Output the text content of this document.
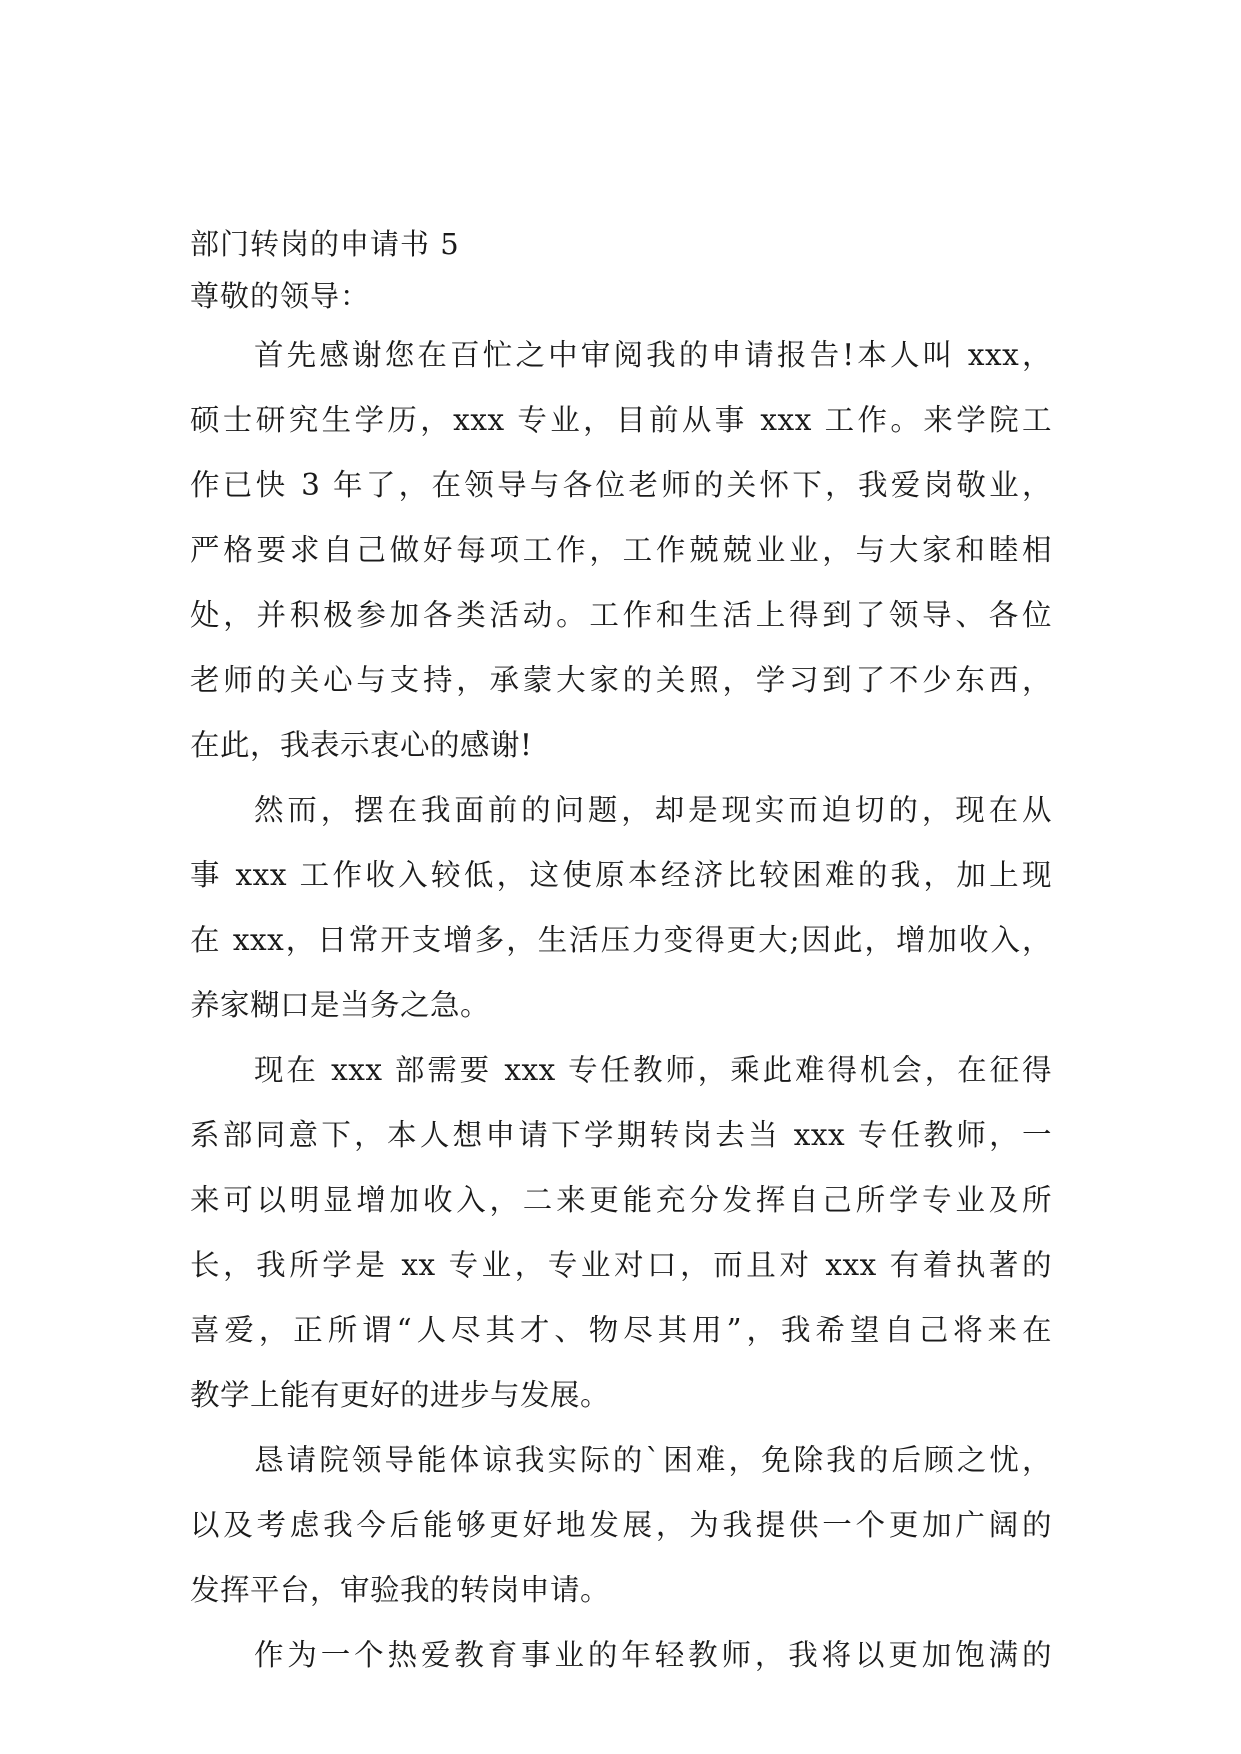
部门转岗的申请书 5
尊敬的领导：
首先感谢您在百忙之中审阅我的申请报告!本人叫 xxx，
硕士研究生学历，xxx 专业，目前从事 xxx 工作。来学院工
作已快 3 年了，在领导与各位老师的关怀下，我爱岗敬业，
严格要求自己做好每项工作，工作兢兢业业，与大家和睦相
处，并积极参加各类活动。工作和生活上得到了领导、各位
老师的关心与支持，承蒙大家的关照，学习到了不少东西，
在此，我表示衷心的感谢!
然而，摆在我面前的问题，却是现实而迫切的，现在从
事 xxx 工作收入较低，这使原本经济比较困难的我，加上现
在 xxx，日常开支增多，生活压力变得更大;因此，增加收入，
养家糊口是当务之急。
现在 xxx 部需要 xxx 专任教师，乘此难得机会，在征得
系部同意下，本人想申请下学期转岗去当 xxx 专任教师，一
来可以明显增加收入，二来更能充分发挥自己所学专业及所
长，我所学是 xx 专业，专业对口，而且对 xxx 有着执著的
喜爱，正所谓“人尽其才、物尽其用”，我希望自己将来在
教学上能有更好的进步与发展。
恳请院领导能体谅我实际的`困难，免除我的后顾之忧，
以及考虑我今后能够更好地发展，为我提供一个更加广阔的
发挥平台，审验我的转岗申请。
作为一个热爱教育事业的年轻教师，我将以更加饱满的
